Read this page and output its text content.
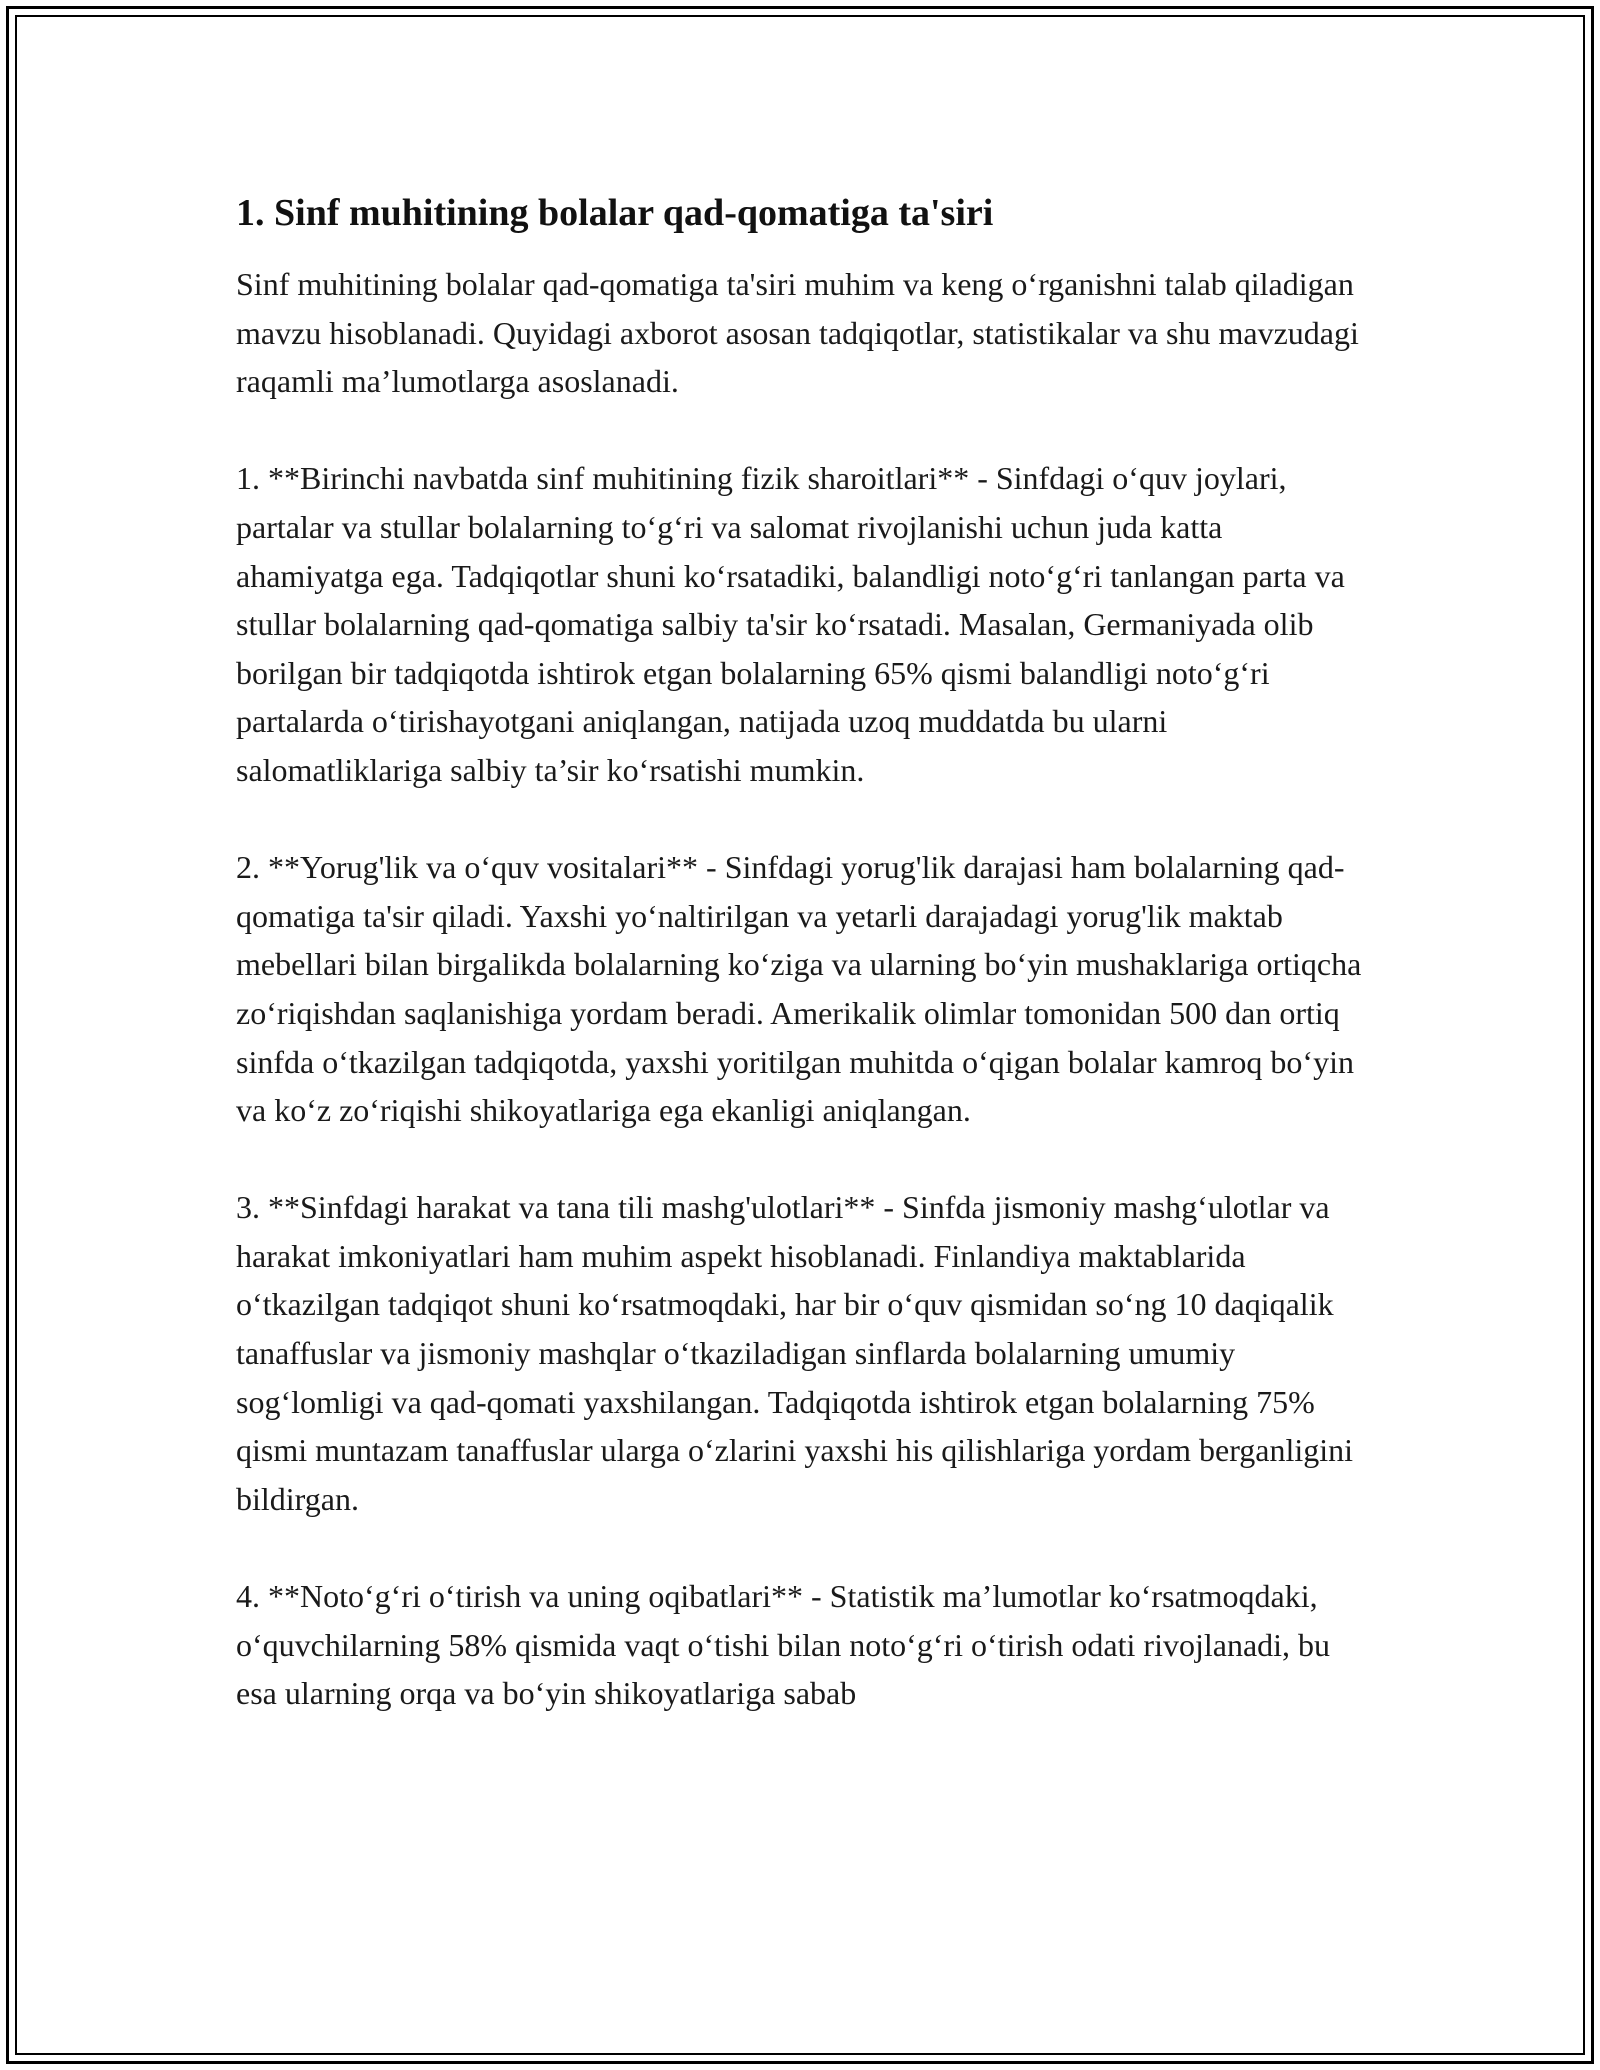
1. Sinf muhitining bolalar qad-qomatiga ta'siri

Sinf muhitining bolalar qad-qomatiga ta'siri muhim va keng o‘rganishni talab qiladigan mavzu hisoblanadi. Quyidagi axborot asosan tadqiqotlar, statistikalar va shu mavzudagi raqamli ma’lumotlarga asoslanadi.

1. **Birinchi navbatda sinf muhitining fizik sharoitlari** - Sinfdagi o‘quv joylari, partalar va stullar bolalarning to‘g‘ri va salomat rivojlanishi uchun juda katta ahamiyatga ega. Tadqiqotlar shuni ko‘rsatadiki, balandligi noto‘g‘ri tanlangan parta va stullar bolalarning qad-qomatiga salbiy ta'sir ko‘rsatadi. Masalan, Germaniyada olib borilgan bir tadqiqotda ishtirok etgan bolalarning 65% qismi balandligi noto‘g‘ri partalarda o‘tirishayotgani aniqlangan, natijada uzoq muddatda bu ularni salomatliklariga salbiy ta’sir ko‘rsatishi mumkin.

2. **Yorug'lik va o‘quv vositalari** - Sinfdagi yorug'lik darajasi ham bolalarning qad-qomatiga ta'sir qiladi. Yaxshi yo‘naltirilgan va yetarli darajadagi yorug'lik maktab mebellari bilan birgalikda bolalarning ko‘ziga va ularning bo‘yin mushaklariga ortiqcha zo‘riqishdan saqlanishiga yordam beradi. Amerikalik olimlar tomonidan 500 dan ortiq sinfda o‘tkazilgan tadqiqotda, yaxshi yoritilgan muhitda o‘qigan bolalar kamroq bo‘yin va ko‘z zo‘riqishi shikoyatlariga ega ekanligi aniqlangan.

3. **Sinfdagi harakat va tana tili mashg'ulotlari** - Sinfda jismoniy mashg‘ulotlar va harakat imkoniyatlari ham muhim aspekt hisoblanadi. Finlandiya maktablarida o‘tkazilgan tadqiqot shuni ko‘rsatmoqdaki, har bir o‘quv qismidan so‘ng 10 daqiqalik tanaffuslar va jismoniy mashqlar o‘tkaziladigan sinflarda bolalarning umumiy sog‘lomligi va qad-qomati yaxshilangan. Tadqiqotda ishtirok etgan bolalarning 75% qismi muntazam tanaffuslar ularga o‘zlarini yaxshi his qilishlariga yordam berganligini bildirgan.

4. **Noto‘g‘ri o‘tirish va uning oqibatlari** - Statistik ma’lumotlar ko‘rsatmoqdaki, o‘quvchilarning 58% qismida vaqt o‘tishi bilan noto‘g‘ri o‘tirish odati rivojlanadi, bu esa ularning orqa va bo‘yin shikoyatlariga sabab
